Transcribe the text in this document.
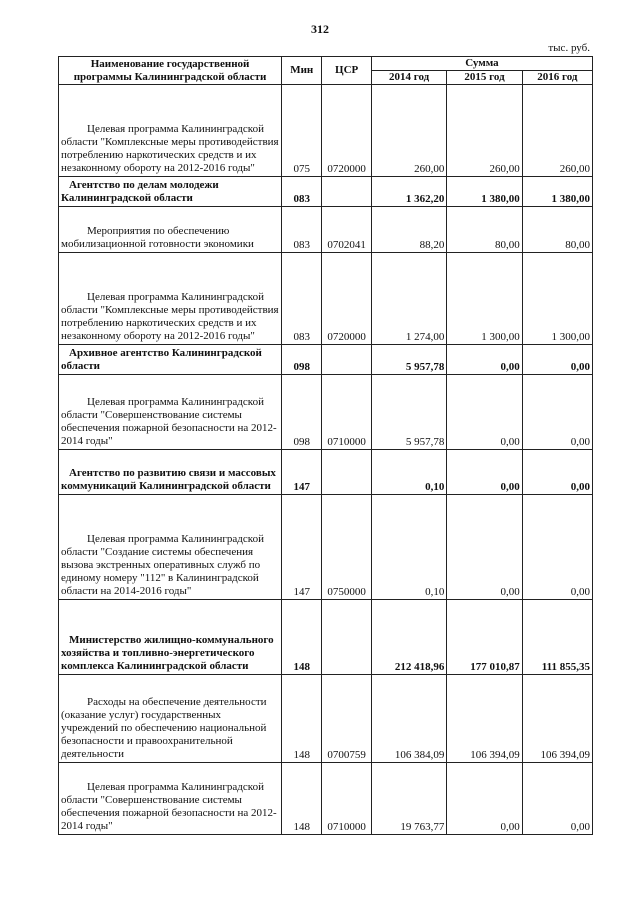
312
тыс. руб.
Наименование государственной программы Калининградской области	Мин	ЦСР	Сумма		
			2014 год	2015 год	2016 год
Целевая программа Калининградской области "Комплексные меры противодействия потреблению наркотических средств и их незаконному обороту на 2012-2016 годы"	075	0720000	260,00	260,00	260,00
Агентство по делам молодежи Калининградской области	083		1 362,20	1 380,00	1 380,00
Мероприятия по обеспечению мобилизационной готовности экономики	083	0702041	88,20	80,00	80,00
Целевая программа Калининградской области "Комплексные меры противодействия потреблению наркотических средств и их незаконному обороту на 2012-2016 годы"	083	0720000	1 274,00	1 300,00	1 300,00
Архивное агентство Калининградской области	098		5 957,78	0,00	0,00
Целевая программа Калининградской области "Совершенствование системы обеспечения пожарной безопасности на 2012-2014 годы"	098	0710000	5 957,78	0,00	0,00
Агентство по развитию связи и массовых коммуникаций Калининградской области	147		0,10	0,00	0,00
Целевая программа Калининградской области "Создание системы обеспечения вызова экстренных оперативных служб по единому номеру "112" в Калининградской области на 2014-2016 годы"	147	0750000	0,10	0,00	0,00
Министерство жилищно-коммунального хозяйства и топливно-энергетического комплекса Калининградской области	148		212 418,96	177 010,87	111 855,35
Расходы на обеспечение деятельности (оказание услуг) государственных учреждений по обеспечению национальной безопасности и правоохранительной деятельности	148	0700759	106 384,09	106 394,09	106 394,09
Целевая программа Калининградской области "Совершенствование системы обеспечения пожарной безопасности на 2012-2014 годы"	148	0710000	19 763,77	0,00	0,00
